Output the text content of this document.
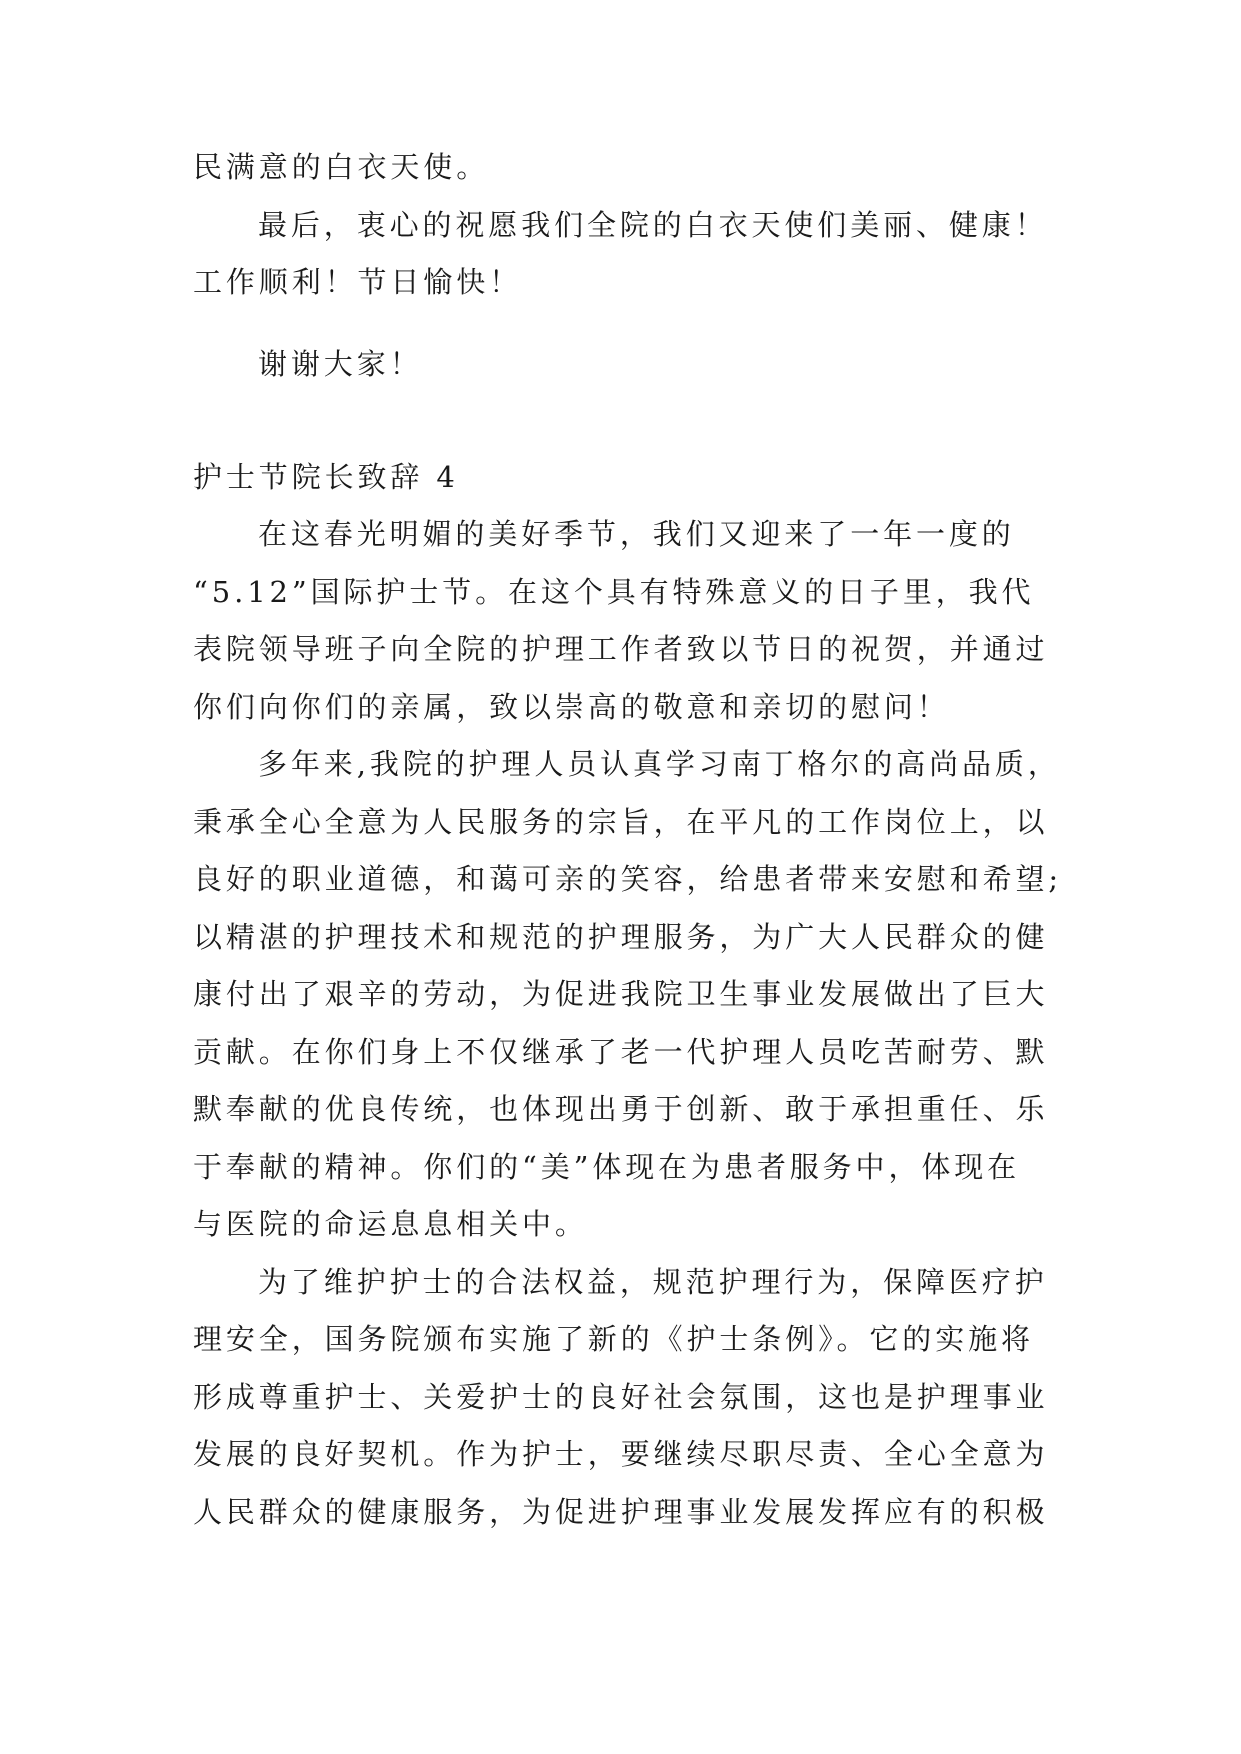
民满意的白衣天使。
最后，衷心的祝愿我们全院的白衣天使们美丽、健康！
工作顺利！节日愉快！
谢谢大家！
护士节院长致辞 4
在这春光明媚的美好季节，我们又迎来了一年一度的
“5.12”国际护士节。在这个具有特殊意义的日子里，我代
表院领导班子向全院的护理工作者致以节日的祝贺，并通过
你们向你们的亲属，致以崇高的敬意和亲切的慰问！
多年来,我院的护理人员认真学习南丁格尔的高尚品质，
秉承全心全意为人民服务的宗旨，在平凡的工作岗位上，以
良好的职业道德，和蔼可亲的笑容，给患者带来安慰和希望;
以精湛的护理技术和规范的护理服务，为广大人民群众的健
康付出了艰辛的劳动，为促进我院卫生事业发展做出了巨大
贡献。在你们身上不仅继承了老一代护理人员吃苦耐劳、默
默奉献的优良传统，也体现出勇于创新、敢于承担重任、乐
于奉献的精神。你们的“美”体现在为患者服务中，体现在
与医院的命运息息相关中。
为了维护护士的合法权益，规范护理行为，保障医疗护
理安全，国务院颁布实施了新的《护士条例》。它的实施将
形成尊重护士、关爱护士的良好社会氛围，这也是护理事业
发展的良好契机。作为护士，要继续尽职尽责、全心全意为
人民群众的健康服务，为促进护理事业发展发挥应有的积极
